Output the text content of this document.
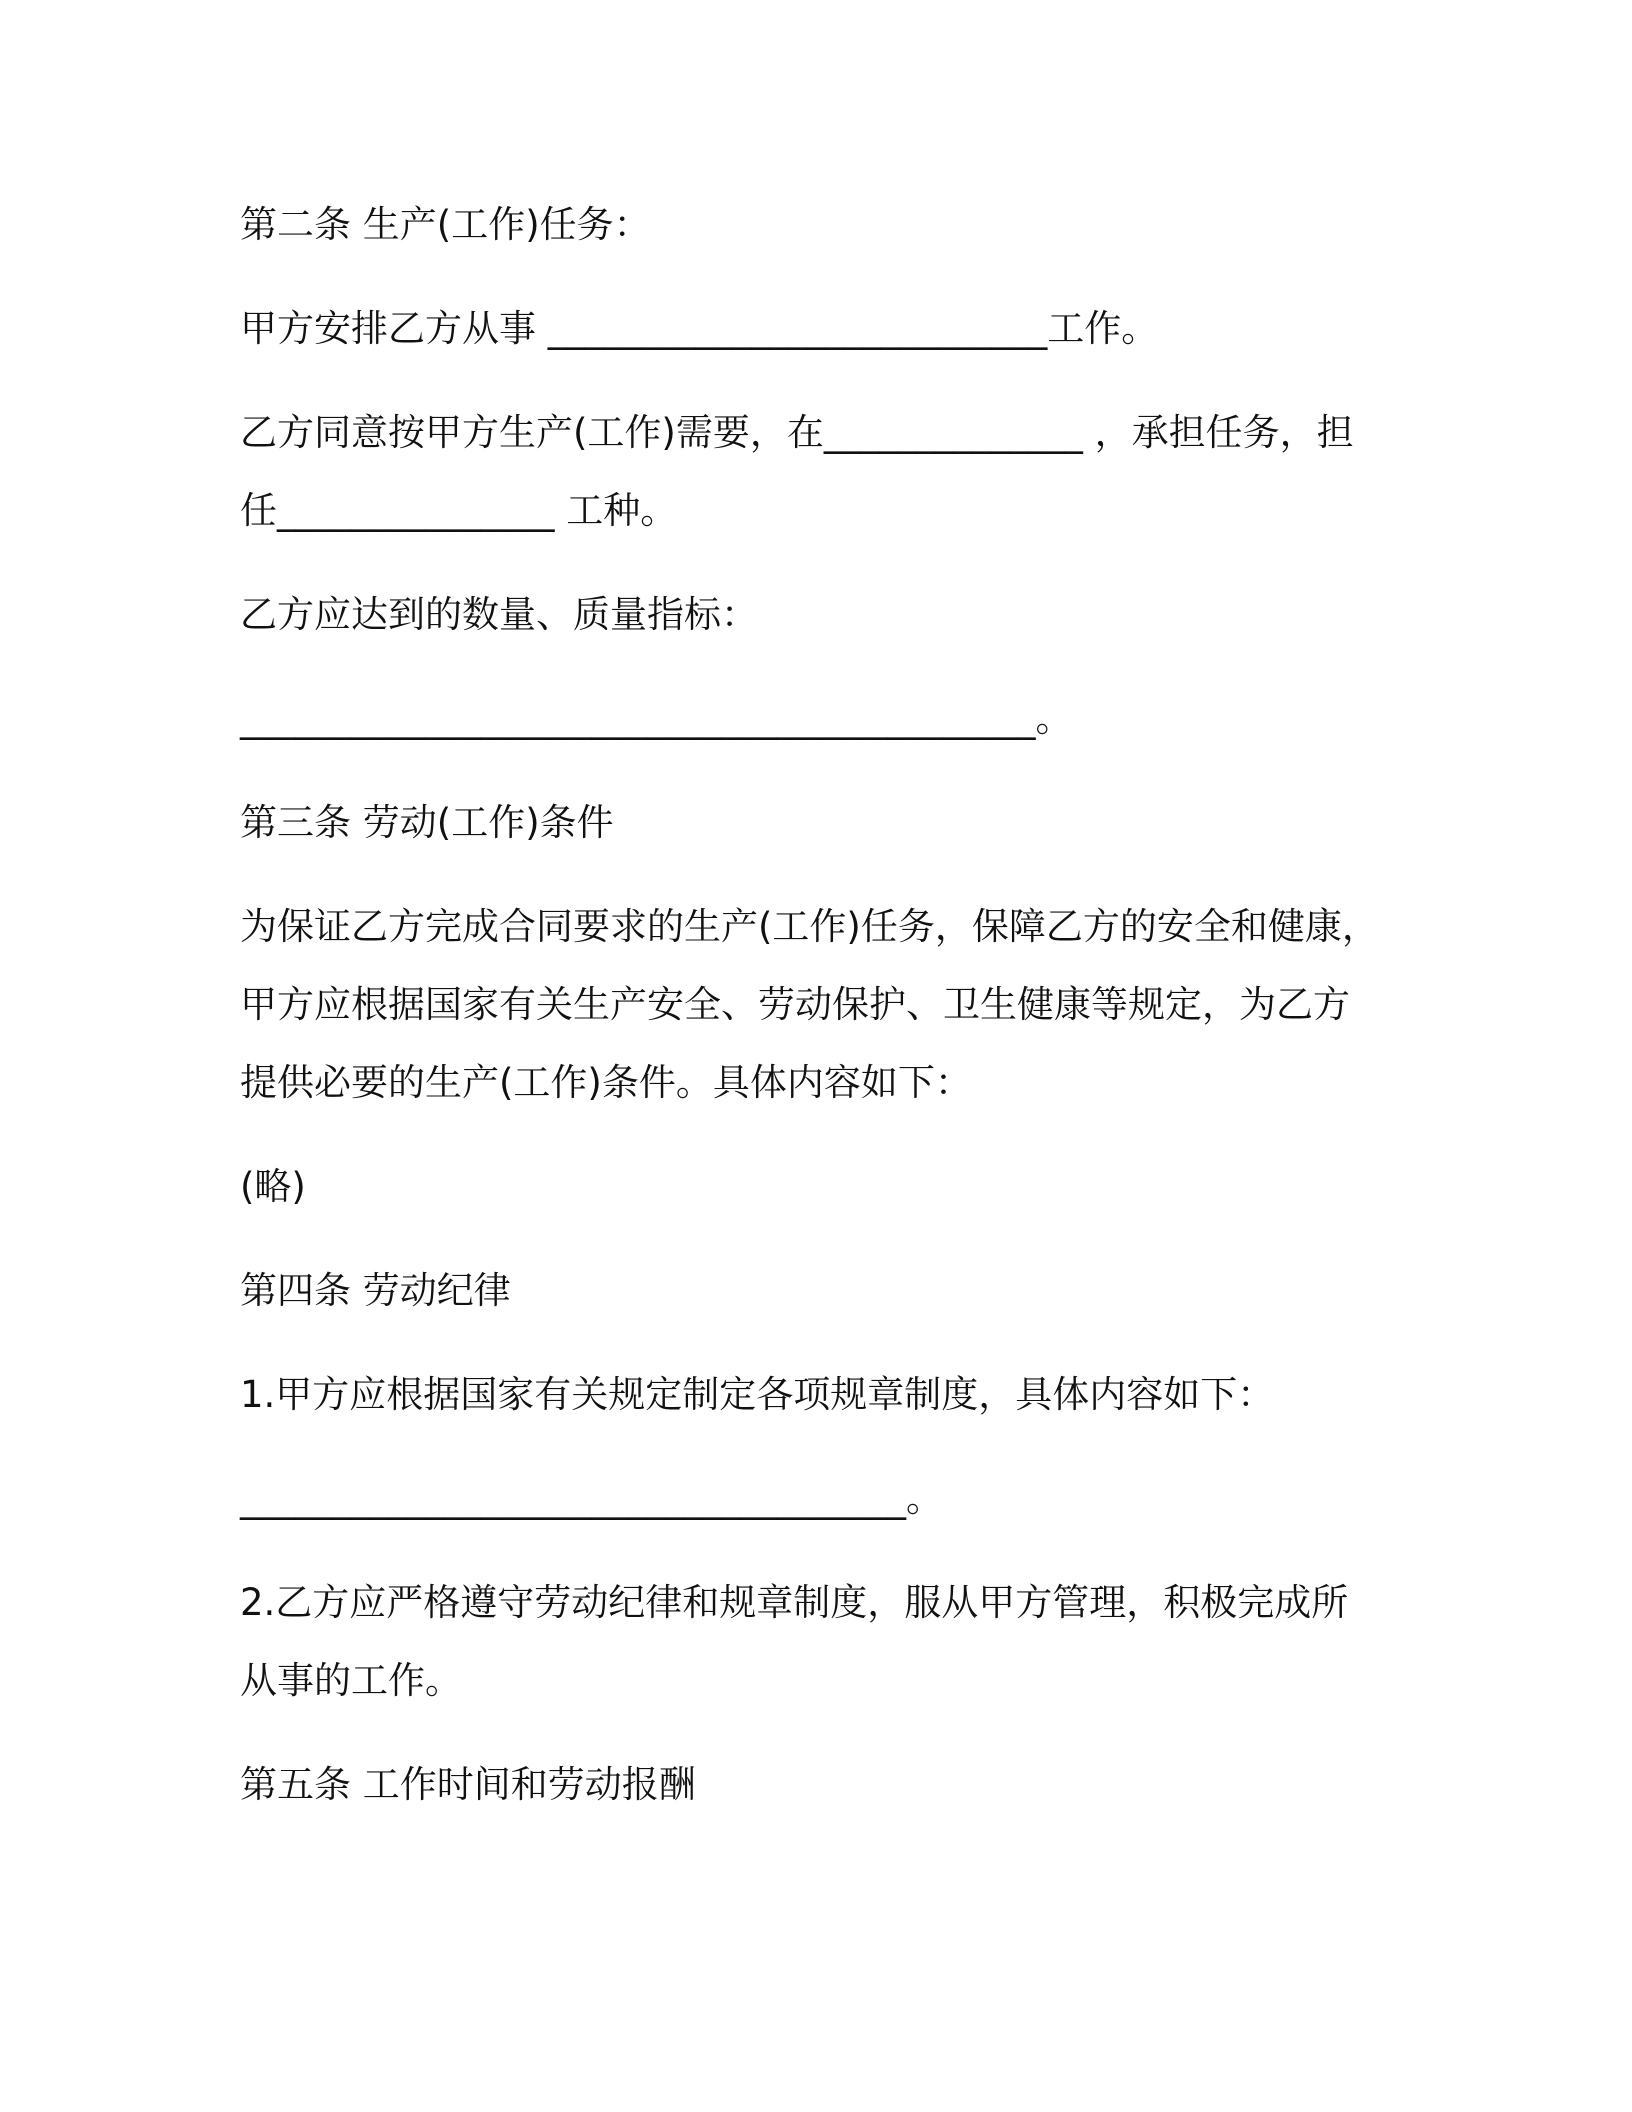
第二条 生产(工作)任务：
甲方安排乙方从事 ___________________________工作。
乙方同意按甲方生产(工作)需要，在______________ ，承担任务，担
任_______________ 工种。
乙方应达到的数量、质量指标：
___________________________________________。
第三条 劳动(工作)条件
为保证乙方完成合同要求的生产(工作)任务，保障乙方的安全和健康，
甲方应根据国家有关生产安全、劳动保护、卫生健康等规定，为乙方
提供必要的生产(工作)条件。具体内容如下：
(略)
第四条 劳动纪律
1.甲方应根据国家有关规定制定各项规章制度，具体内容如下：
____________________________________。
2.乙方应严格遵守劳动纪律和规章制度，服从甲方管理，积极完成所
从事的工作。
第五条 工作时间和劳动报酬
